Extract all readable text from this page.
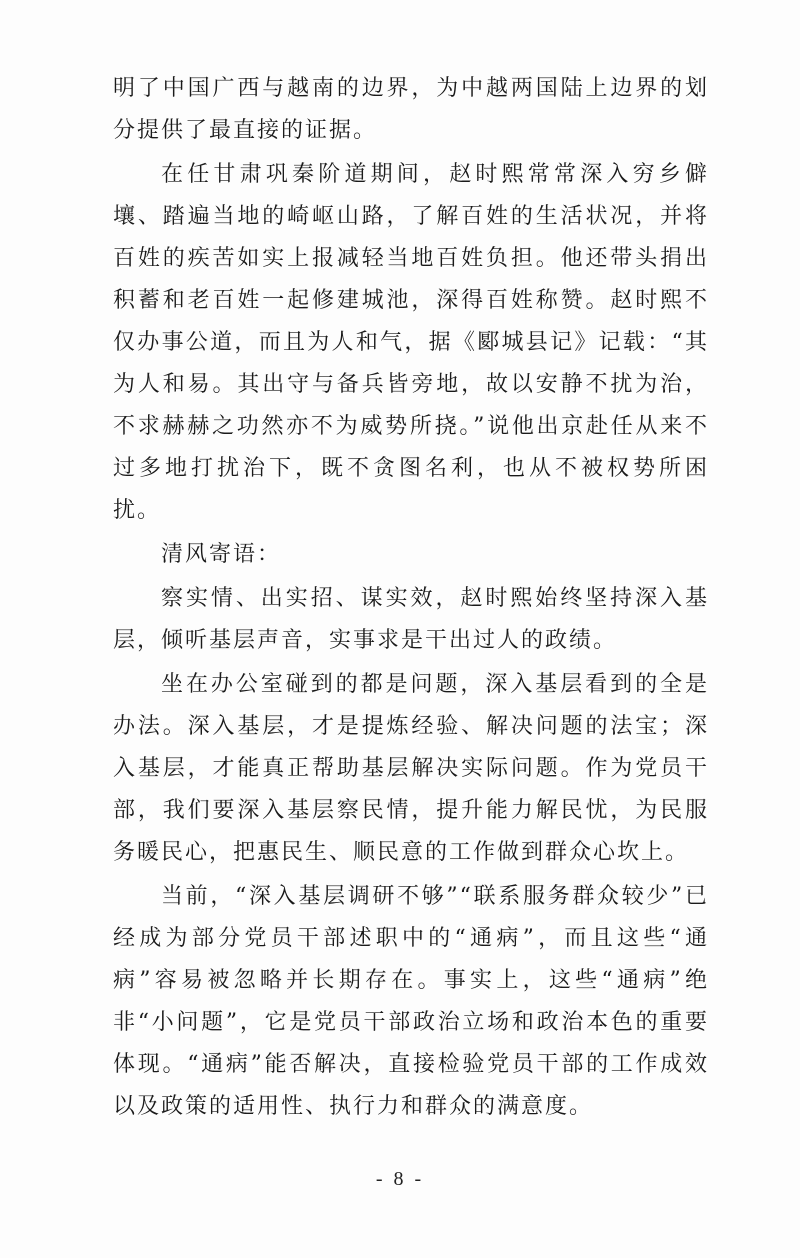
明了中国广西与越南的边界，为中越两国陆上边界的划分提供了最直接的证据。

在任甘肃巩秦阶道期间，赵时熙常常深入穷乡僻壤、踏遍当地的崎岖山路，了解百姓的生活状况，并将百姓的疾苦如实上报减轻当地百姓负担。他还带头捐出积蓄和老百姓一起修建城池，深得百姓称赞。赵时熙不仅办事公道，而且为人和气，据《郾城县记》记载：“其为人和易。其出守与备兵皆旁地，故以安静不扰为治，不求赫赫之功然亦不为威势所挠。”说他出京赴任从来不过多地打扰治下，既不贪图名利，也从不被权势所困扰。

清风寄语：

察实情、出实招、谋实效，赵时熙始终坚持深入基层，倾听基层声音，实事求是干出过人的政绩。

坐在办公室碰到的都是问题，深入基层看到的全是办法。深入基层，才是提炼经验、解决问题的法宝；深入基层，才能真正帮助基层解决实际问题。作为党员干部，我们要深入基层察民情，提升能力解民忧，为民服务暖民心，把惠民生、顺民意的工作做到群众心坎上。

当前，“深入基层调研不够”“联系服务群众较少”已经成为部分党员干部述职中的“通病”，而且这些“通病”容易被忽略并长期存在。事实上，这些“通病”绝非“小问题”，它是党员干部政治立场和政治本色的重要体现。“通病”能否解决，直接检验党员干部的工作成效以及政策的适用性、执行力和群众的满意度。

- 8 -
